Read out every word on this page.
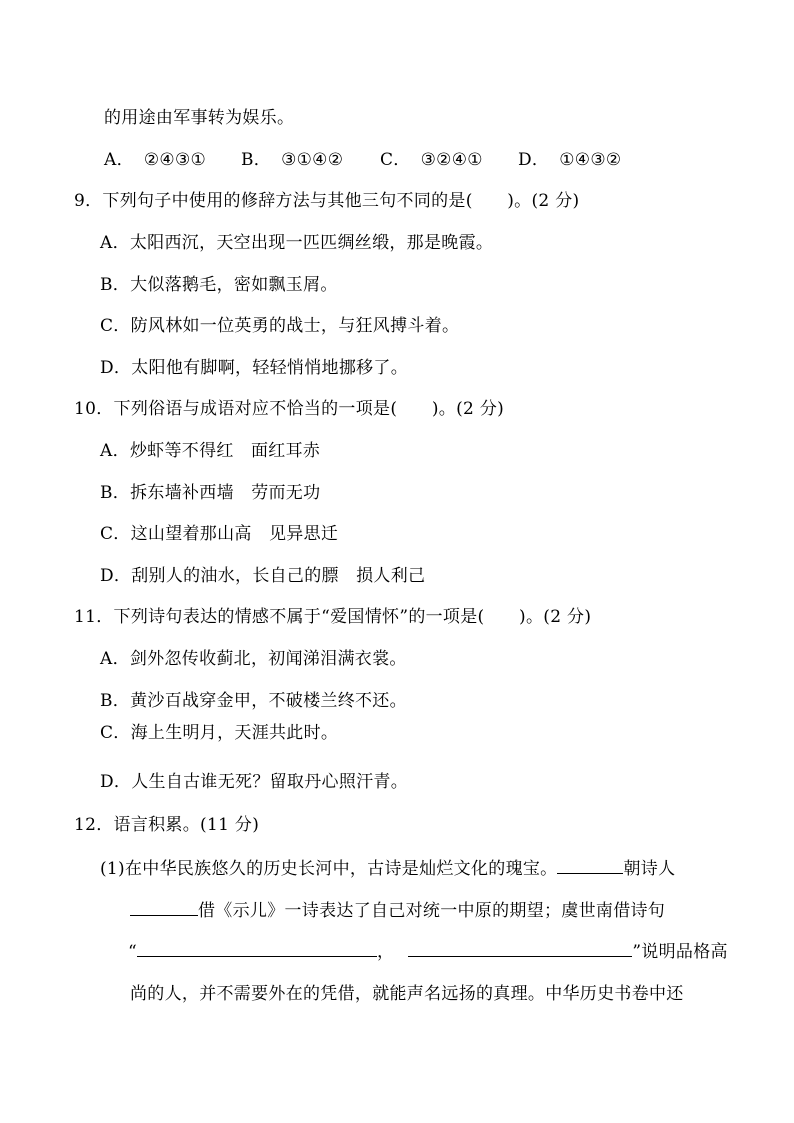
的用途由军事转为娱乐。
A． ②④③①	B． ③①④②	C． ③②④①	D． ①④③②
9．下列句子中使用的修辞方法与其他三句不同的是(　　)。(2 分)
A．太阳西沉，天空出现一匹匹绸丝缎，那是晚霞。
B．大似落鹅毛，密如飘玉屑。
C．防风林如一位英勇的战士，与狂风搏斗着。
D．太阳他有脚啊，轻轻悄悄地挪移了。
10．下列俗语与成语对应不恰当的一项是(　　)。(2 分)
A．炒虾等不得红　面红耳赤
B．拆东墙补西墙　劳而无功
C．这山望着那山高　见异思迁
D．刮别人的油水，长自己的膘　损人利己
11．下列诗句表达的情感不属于“爱国情怀”的一项是(　　)。(2 分)
A．剑外忽传收蓟北，初闻涕泪满衣裳。
B．黄沙百战穿金甲，不破楼兰终不还。
C．海上生明月，天涯共此时。
D．人生自古谁无死？留取丹心照汗青。
12．语言积累。(11 分)
(1)在中华民族悠久的历史长河中，古诗是灿烂文化的瑰宝。	朝诗人
借《示儿》一诗表达了自己对统一中原的期望；虞世南借诗句
“	，	”说明品格高
尚的人，并不需要外在的凭借，就能声名远扬的真理。中华历史书卷中还
